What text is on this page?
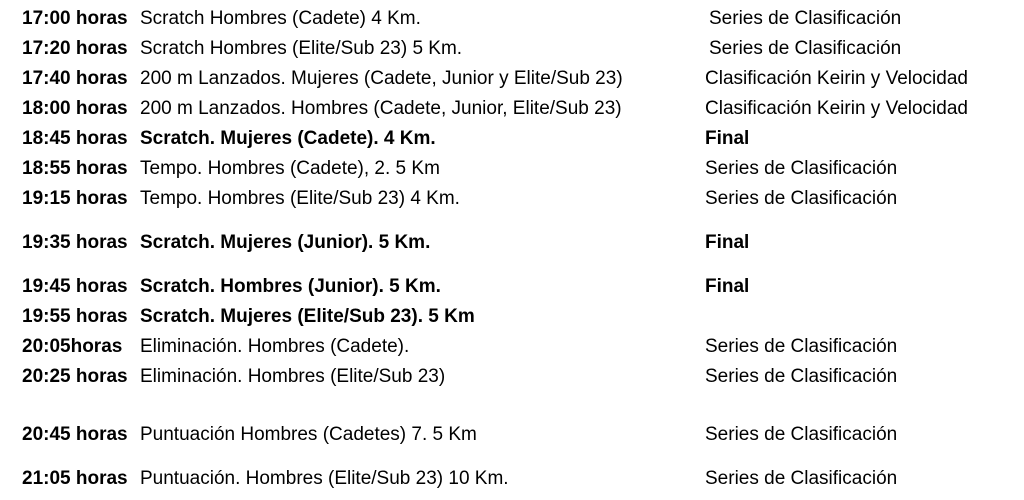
17:00 horas Scratch Hombres (Cadete) 4 Km.	Series de Clasificación
17:20 horas Scratch Hombres (Elite/Sub 23) 5 Km.	Series de Clasificación
17:40 horas 200 m Lanzados. Mujeres (Cadete, Junior y Elite/Sub 23)	Clasificación Keirin y Velocidad
18:00 horas 200 m Lanzados. Hombres (Cadete, Junior, Elite/Sub 23)	Clasificación Keirin y Velocidad
18:45 horas Scratch. Mujeres (Cadete). 4 Km.	Final
18:55 horas Tempo. Hombres (Cadete), 2. 5 Km	Series de Clasificación
19:15 horas Tempo. Hombres (Elite/Sub 23) 4 Km.	Series de Clasificación
19:35 horas Scratch. Mujeres (Junior). 5 Km.	Final
19:45 horas Scratch. Hombres (Junior). 5 Km.	Final
19:55 horas Scratch. Mujeres (Elite/Sub 23). 5 Km
20:05horas Eliminación. Hombres (Cadete).	Series de Clasificación
20:25 horas Eliminación. Hombres (Elite/Sub 23)	Series de Clasificación
20:45 horas Puntuación Hombres (Cadetes) 7. 5 Km	Series de Clasificación
21:05 horas Puntuación. Hombres (Elite/Sub 23) 10 Km.	Series de Clasificación
